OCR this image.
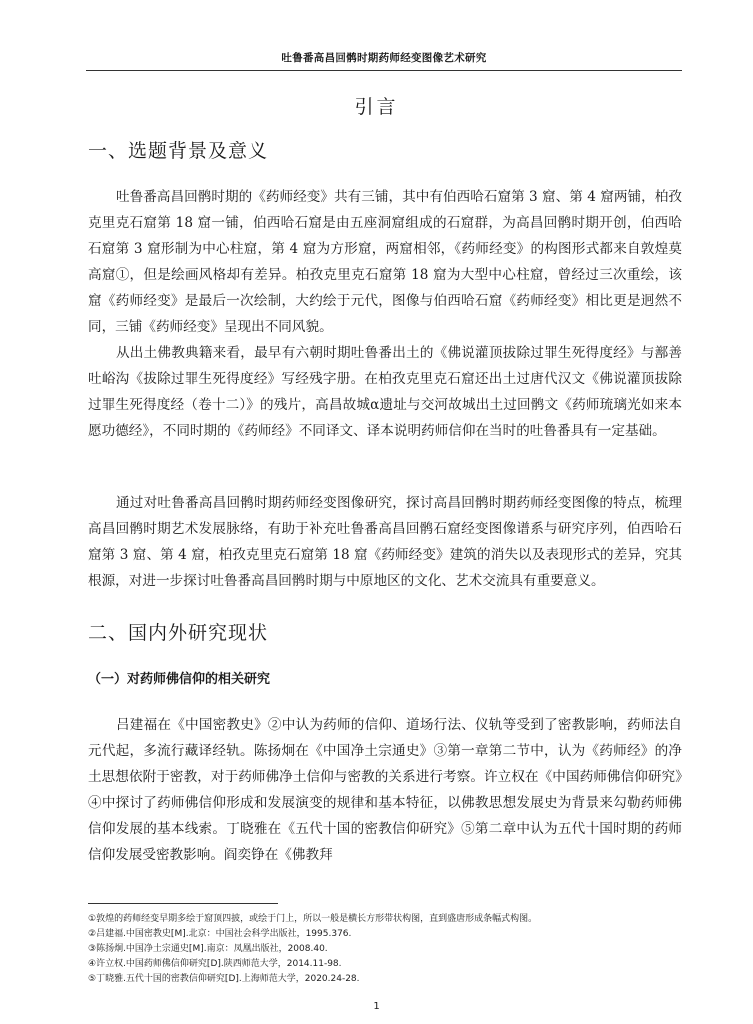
吐鲁番高昌回鹘时期药师经变图像艺术研究
引言
一、选题背景及意义

吐鲁番高昌回鹘时期的《药师经变》共有三铺，其中有伯西哈石窟第 3 窟、第 4 窟两铺，柏孜克里克石窟第 18 窟一铺，伯西哈石窟是由五座洞窟组成的石窟群，为高昌回鹘时期开创，伯西哈石窟第 3 窟形制为中心柱窟，第 4 窟为方形窟，两窟相邻，《药师经变》的构图形式都来自敦煌莫高窟①，但是绘画风格却有差异。柏孜克里克石窟第 18 窟为大型中心柱窟，曾经过三次重绘，该窟《药师经变》是最后一次绘制，大约绘于元代，图像与伯西哈石窟《药师经变》相比更是迥然不同，三铺《药师经变》呈现出不同风貌。

从出土佛教典籍来看，最早有六朝时期吐鲁番出土的《佛说灌顶拔除过罪生死得度经》与鄯善吐峪沟《拔除过罪生死得度经》写经残字册。在柏孜克里克石窟还出土过唐代汉文《佛说灌顶拔除过罪生死得度经（卷十二）》的残片，高昌故城α遗址与交河故城出土过回鹘文《药师琉璃光如来本愿功德经》，不同时期的《药师经》不同译文、译本说明药师信仰在当时的吐鲁番具有一定基础。

通过对吐鲁番高昌回鹘时期药师经变图像研究，探讨高昌回鹘时期药师经变图像的特点，梳理高昌回鹘时期艺术发展脉络，有助于补充吐鲁番高昌回鹘石窟经变图像谱系与研究序列，伯西哈石窟第 3 窟、第 4 窟，柏孜克里克石窟第 18 窟《药师经变》建筑的消失以及表现形式的差异，究其根源，对进一步探讨吐鲁番高昌回鹘时期与中原地区的文化、艺术交流具有重要意义。

二、国内外研究现状
（一）对药师佛信仰的相关研究

吕建福在《中国密教史》②中认为药师的信仰、道场行法、仪轨等受到了密教影响，药师法自元代起，多流行藏译经轨。陈扬炯在《中国净土宗通史》③第一章第二节中，认为《药师经》的净土思想依附于密教，对于药师佛净土信仰与密教的关系进行考察。许立权在《中国药师佛信仰研究》④中探讨了药师佛信仰形成和发展演变的规律和基本特征，以佛教思想发展史为背景来勾勒药师佛信仰发展的基本线索。丁晓雅在《五代十国的密教信仰研究》⑤第二章中认为五代十国时期的药师信仰发展受密教影响。阎奕铮在《佛教拜

①敦煌的药师经变早期多绘于窟顶四披，或绘于门上，所以一般是横长方形带状构图，直到盛唐形成条幅式构图。
②吕建福.中国密教史[M].北京：中国社会科学出版社，1995.376.
③陈扬炯.中国净土宗通史[M].南京：凤凰出版社，2008.40.
④许立权.中国药师佛信仰研究[D].陕西师范大学，2014.11-98.
⑤丁晓雅.五代十国的密教信仰研究[D].上海师范大学，2020.24-28.
1
